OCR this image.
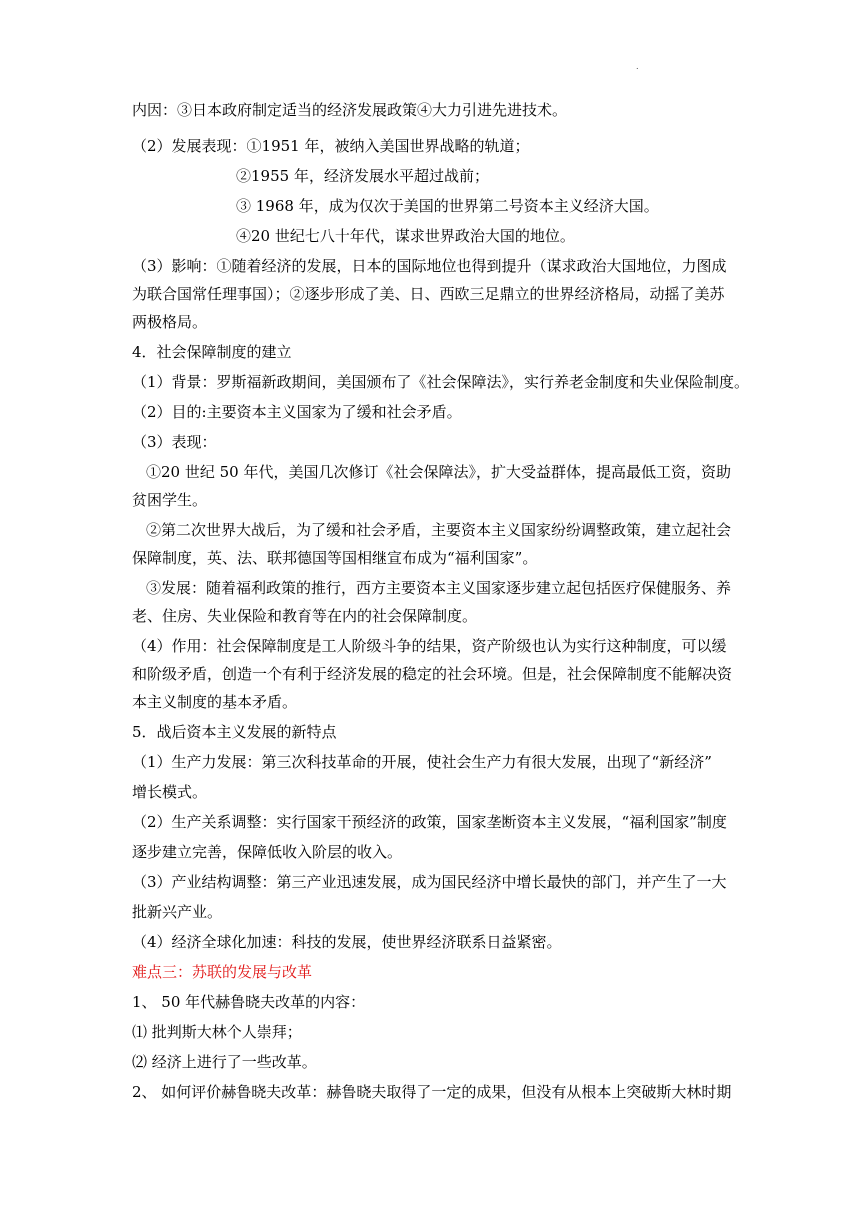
.
内因：③日本政府制定适当的经济发展政策④大力引进先进技术。
（2）发展表现：①1951 年，被纳入美国世界战略的轨道；
②1955 年，经济发展水平超过战前；
③ 1968 年，成为仅次于美国的世界第二号资本主义经济大国。
④20 世纪七八十年代，谋求世界政治大国的地位。
（3）影响：①随着经济的发展，日本的国际地位也得到提升（谋求政治大国地位，力图成
为联合国常任理事国）；②逐步形成了美、日、西欧三足鼎立的世界经济格局，动摇了美苏
两极格局。
4．社会保障制度的建立
（1）背景：罗斯福新政期间，美国颁布了《社会保障法》，实行养老金制度和失业保险制度。
（2）目的:主要资本主义国家为了缓和社会矛盾。
（3）表现：
①20 世纪 50 年代，美国几次修订《社会保障法》，扩大受益群体，提高最低工资，资助
贫困学生。
②第二次世界大战后，为了缓和社会矛盾，主要资本主义国家纷纷调整政策，建立起社会
保障制度，英、法、联邦德国等国相继宣布成为“福利国家”。
③发展：随着福利政策的推行，西方主要资本主义国家逐步建立起包括医疗保健服务、养
老、住房、失业保险和教育等在内的社会保障制度。
（4）作用：社会保障制度是工人阶级斗争的结果，资产阶级也认为实行这种制度，可以缓
和阶级矛盾，创造一个有利于经济发展的稳定的社会环境。但是，社会保障制度不能解决资
本主义制度的基本矛盾。
5．战后资本主义发展的新特点
（1）生产力发展：第三次科技革命的开展，使社会生产力有很大发展，出现了“新经济”
增长模式。
（2）生产关系调整：实行国家干预经济的政策，国家垄断资本主义发展，“福利国家”制度
逐步建立完善，保障低收入阶层的收入。
（3）产业结构调整：第三产业迅速发展，成为国民经济中增长最快的部门，并产生了一大
批新兴产业。
（4）经济全球化加速：科技的发展，使世界经济联系日益紧密。
难点三：苏联的发展与改革
1、 50 年代赫鲁晓夫改革的内容：
⑴ 批判斯大林个人崇拜；
⑵ 经济上进行了一些改革。
2、 如何评价赫鲁晓夫改革：赫鲁晓夫取得了一定的成果，但没有从根本上突破斯大林时期
